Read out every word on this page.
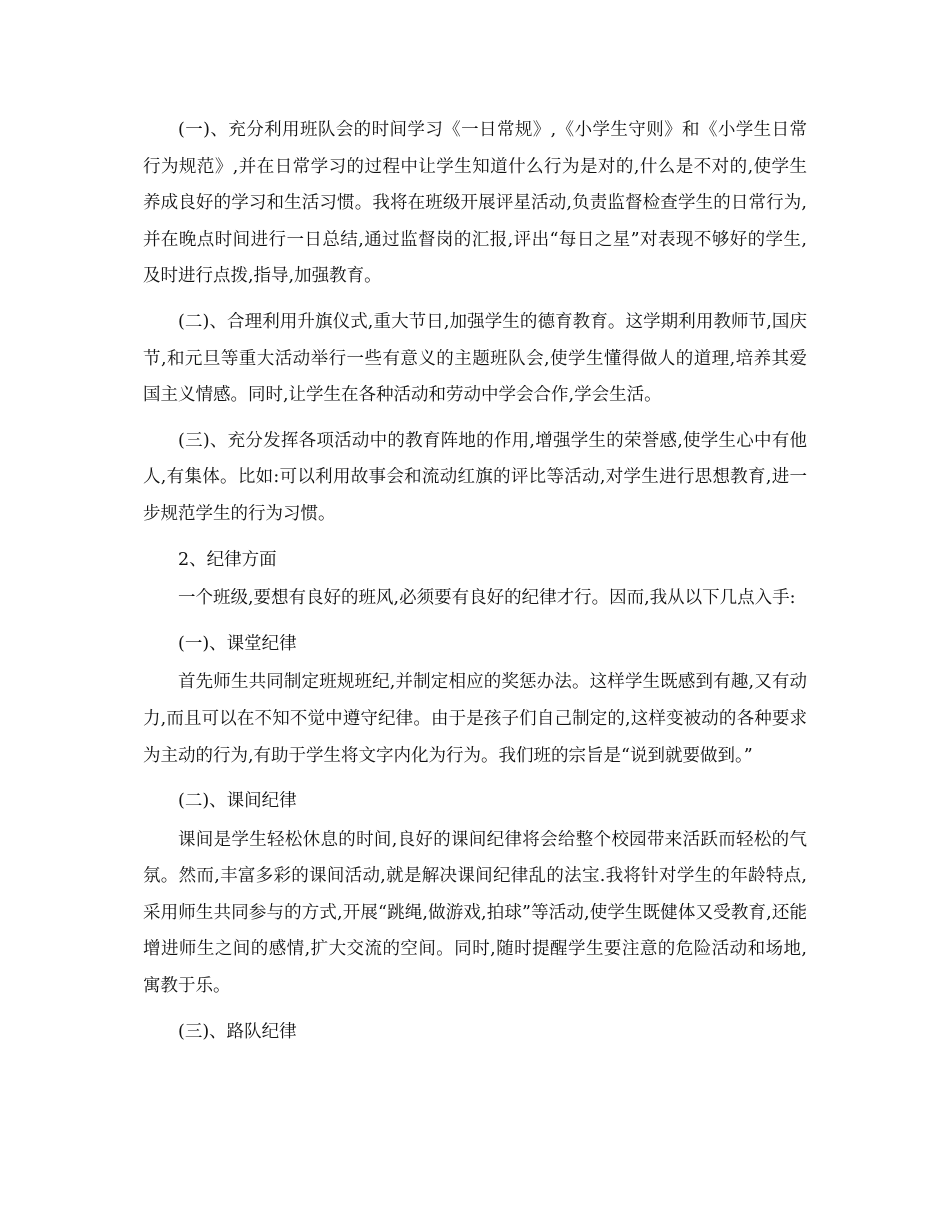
(一)、充分利用班队会的时间学习《一日常规》,《小学生守则》和《小学生日常行为规范》,并在日常学习的过程中让学生知道什么行为是对的,什么是不对的,使学生养成良好的学习和生活习惯。我将在班级开展评星活动,负责监督检查学生的日常行为,并在晚点时间进行一日总结,通过监督岗的汇报,评出“每日之星”对表现不够好的学生,及时进行点拨,指导,加强教育。

(二)、合理利用升旗仪式,重大节日,加强学生的德育教育。这学期利用教师节,国庆节,和元旦等重大活动举行一些有意义的主题班队会,使学生懂得做人的道理,培养其爱国主义情感。同时,让学生在各种活动和劳动中学会合作,学会生活。

(三)、充分发挥各项活动中的教育阵地的作用,增强学生的荣誉感,使学生心中有他人,有集体。比如:可以利用故事会和流动红旗的评比等活动,对学生进行思想教育,进一步规范学生的行为习惯。

2、纪律方面

一个班级,要想有良好的班风,必须要有良好的纪律才行。因而,我从以下几点入手:

(一)、课堂纪律

首先师生共同制定班规班纪,并制定相应的奖惩办法。这样学生既感到有趣,又有动力,而且可以在不知不觉中遵守纪律。由于是孩子们自己制定的,这样变被动的各种要求为主动的行为,有助于学生将文字内化为行为。我们班的宗旨是“说到就要做到。”

(二)、课间纪律

课间是学生轻松休息的时间,良好的课间纪律将会给整个校园带来活跃而轻松的气氛。然而,丰富多彩的课间活动,就是解决课间纪律乱的法宝.我将针对学生的年龄特点,采用师生共同参与的方式,开展“跳绳,做游戏,拍球”等活动,使学生既健体又受教育,还能增进师生之间的感情,扩大交流的空间。同时,随时提醒学生要注意的危险活动和场地,寓教于乐。

(三)、路队纪律
